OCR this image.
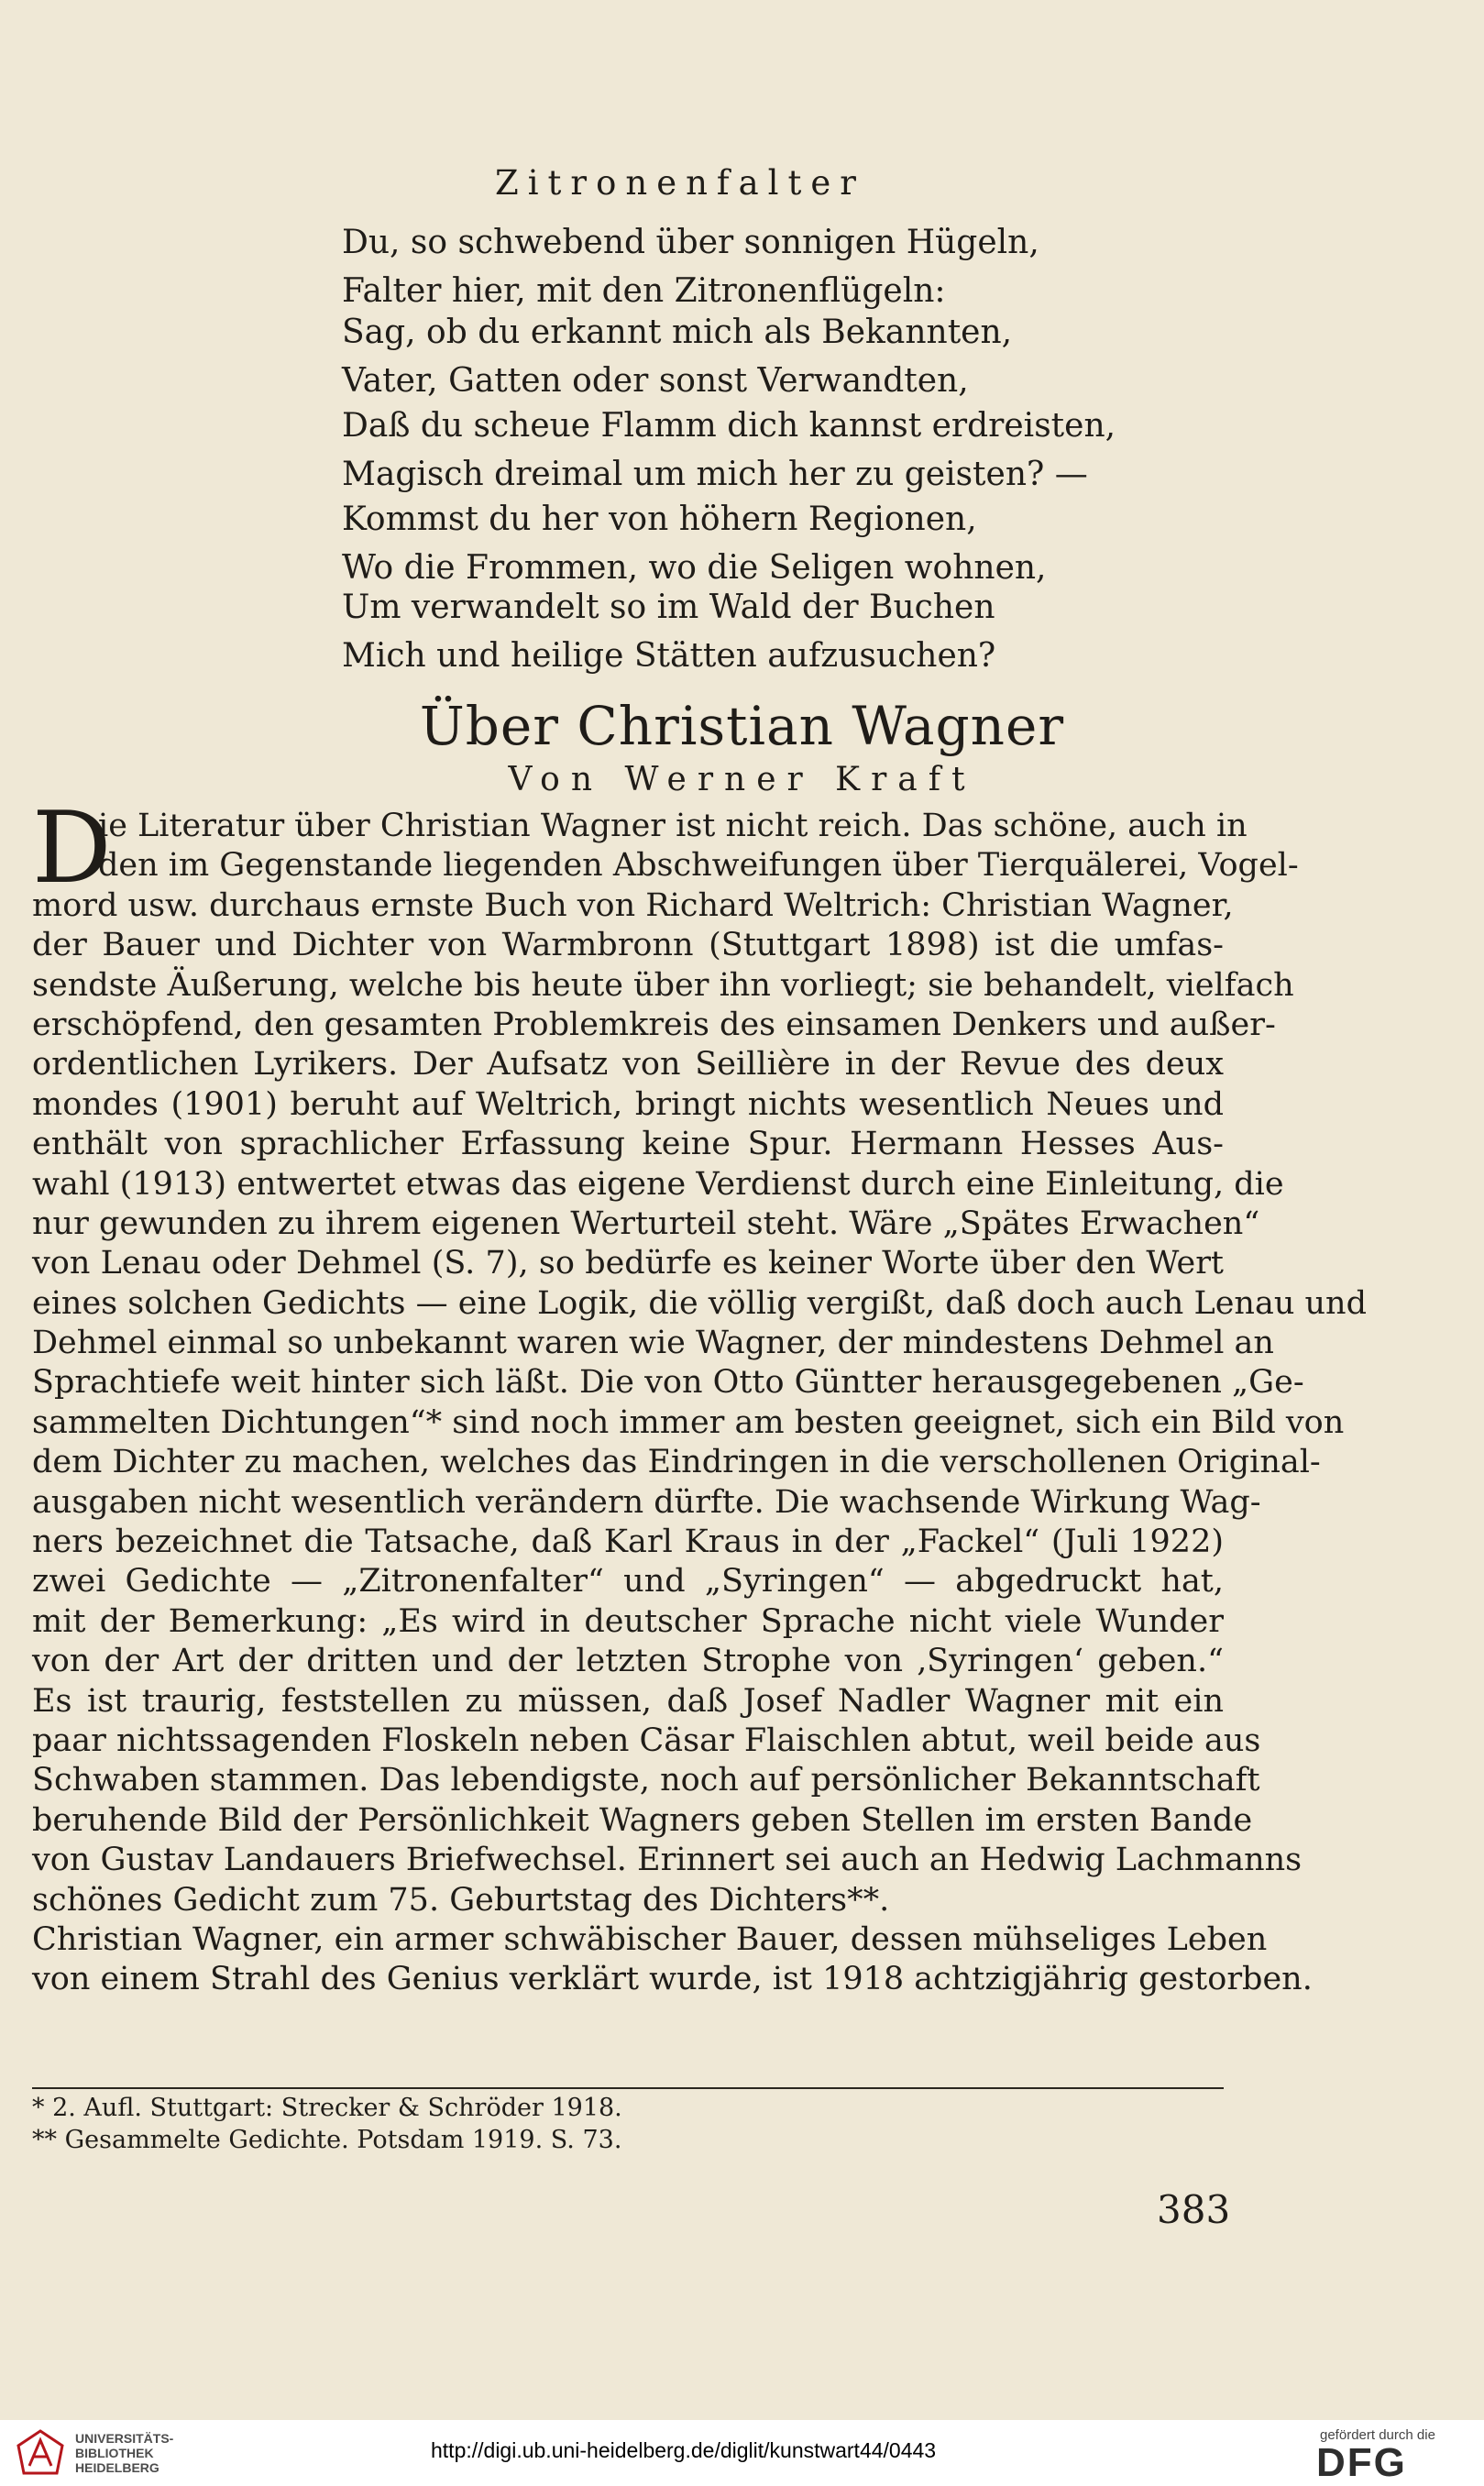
Zitronenfalter
Du, so schwebend über sonnigen Hügeln,
Falter hier, mit den Zitronenflügeln:
Sag, ob du erkannt mich als Bekannten,
Vater, Gatten oder sonst Verwandten,
Daß du scheue Flamm dich kannst erdreisten,
Magisch dreimal um mich her zu geisten? —
Kommst du her von höhern Regionen,
Wo die Frommen, wo die Seligen wohnen,
Um verwandelt so im Wald der Buchen
Mich und heilige Stätten aufzusuchen?
Über Christian Wagner
Von Werner Kraft
D
ie Literatur über Christian Wagner ist nicht reich. Das schöne, auch in
den im Gegenstande liegenden Abschweifungen über Tierquälerei, Vogel-
mord usw. durchaus ernste Buch von Richard Weltrich: Christian Wagner,
der Bauer und Dichter von Warmbronn (Stuttgart 1898) ist die umfas-
sendste Äußerung, welche bis heute über ihn vorliegt; sie behandelt, vielfach
erschöpfend, den gesamten Problemkreis des einsamen Denkers und außer-
ordentlichen Lyrikers. Der Aufsatz von Seillière in der Revue des deux
mondes (1901) beruht auf Weltrich, bringt nichts wesentlich Neues und
enthält von sprachlicher Erfassung keine Spur. Hermann Hesses Aus-
wahl (1913) entwertet etwas das eigene Verdienst durch eine Einleitung, die
nur gewunden zu ihrem eigenen Werturteil steht. Wäre „Spätes Erwachen“
von Lenau oder Dehmel (S. 7), so bedürfe es keiner Worte über den Wert
eines solchen Gedichts — eine Logik, die völlig vergißt, daß doch auch Lenau und
Dehmel einmal so unbekannt waren wie Wagner, der mindestens Dehmel an
Sprachtiefe weit hinter sich läßt. Die von Otto Güntter herausgegebenen „Ge-
sammelten Dichtungen“* sind noch immer am besten geeignet, sich ein Bild von
dem Dichter zu machen, welches das Eindringen in die verschollenen Original-
ausgaben nicht wesentlich verändern dürfte. Die wachsende Wirkung Wag-
ners bezeichnet die Tatsache, daß Karl Kraus in der „Fackel“ (Juli 1922)
zwei Gedichte — „Zitronenfalter“ und „Syringen“ — abgedruckt hat,
mit der Bemerkung: „Es wird in deutscher Sprache nicht viele Wunder
von der Art der dritten und der letzten Strophe von ‚Syringen‘ geben.“
Es ist traurig, feststellen zu müssen, daß Josef Nadler Wagner mit ein
paar nichtssagenden Floskeln neben Cäsar Flaischlen abtut, weil beide aus
Schwaben stammen. Das lebendigste, noch auf persönlicher Bekanntschaft
beruhende Bild der Persönlichkeit Wagners geben Stellen im ersten Bande
von Gustav Landauers Briefwechsel. Erinnert sei auch an Hedwig Lachmanns
schönes Gedicht zum 75. Geburtstag des Dichters**.
Christian Wagner, ein armer schwäbischer Bauer, dessen mühseliges Leben
von einem Strahl des Genius verklärt wurde, ist 1918 achtzigjährig gestorben.
* 2. Aufl. Stuttgart: Strecker & Schröder 1918.
** Gesammelte Gedichte. Potsdam 1919. S. 73.
383
UNIVERSITÄTS-
BIBLIOTHEK
HEIDELBERG
http://digi.ub.uni-heidelberg.de/diglit/kunstwart44/0443
gefördert durch die
DFG
